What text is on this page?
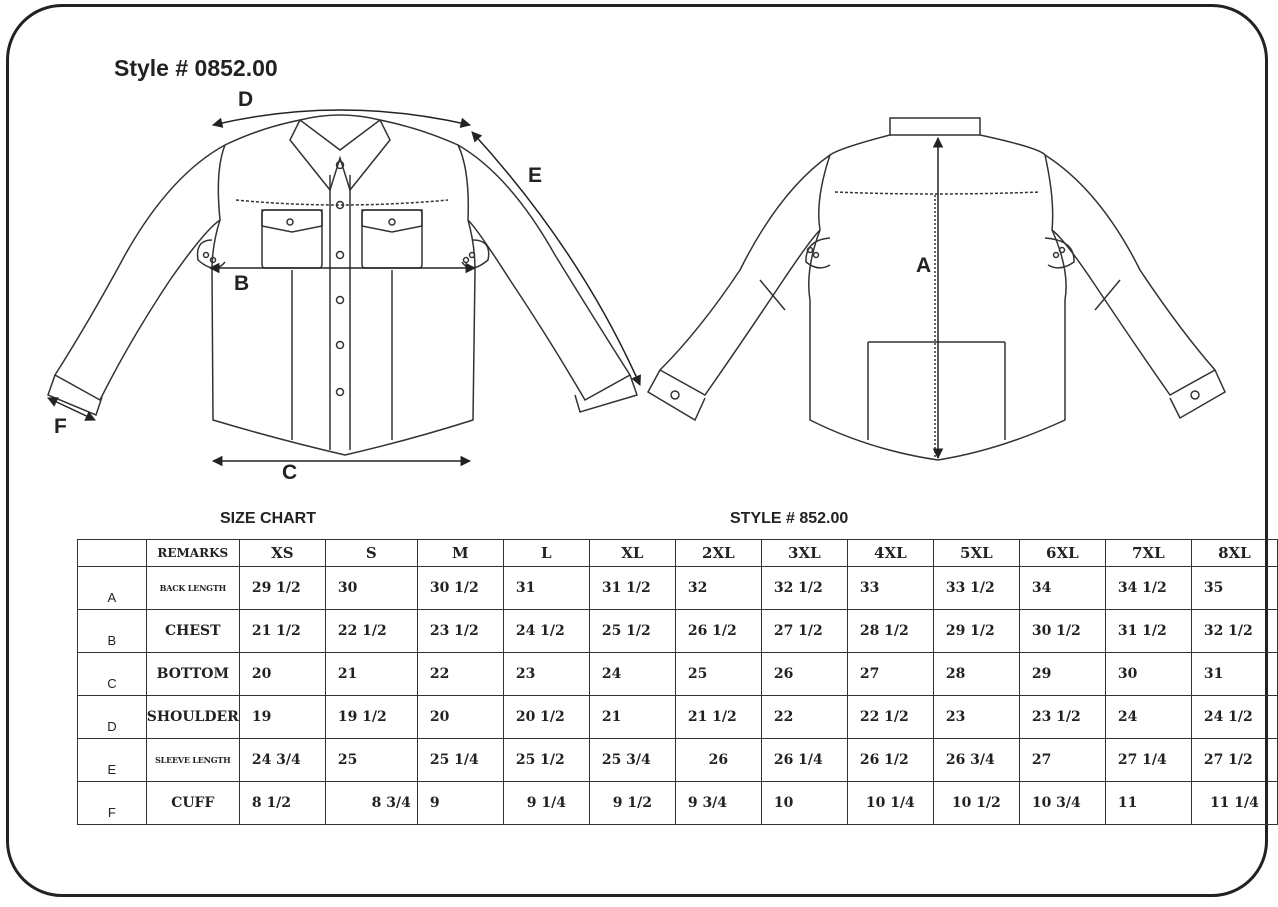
Style # 0852.00
D
E
B
C
F
A
SIZE CHART	STYLE # 852.00
	REMARKS	XS	S	M	L	XL	2XL	3XL	4XL	5XL	6XL	7XL	8XL

A	BACK LENGTH	29 1/2	30	30 1/2	31	31 1/2	32	32 1/2	33	33 1/2	34	34 1/2	35

B	CHEST	21 1/2	22 1/2	23 1/2	24 1/2	25 1/2	26 1/2	27 1/2	28 1/2	29 1/2	30 1/2	31 1/2	32 1/2

C	BOTTOM	20	21	22	23	24	25	26	27	28	29	30	31

D	SHOULDER	19	19 1/2	20	20 1/2	21	21 1/2	22	22 1/2	23	23 1/2	24	24 1/2

E	SLEEVE LENGTH	24 3/4	25	25 1/4	25 1/2	25 3/4	26	26 1/4	26 1/2	26 3/4	27	27 1/4	27 1/2

F	CUFF	8 1/2	8 3/4	9	9 1/4	9 1/2	9 3/4	10	10 1/4	10 1/2	10 3/4	11	11 1/4
